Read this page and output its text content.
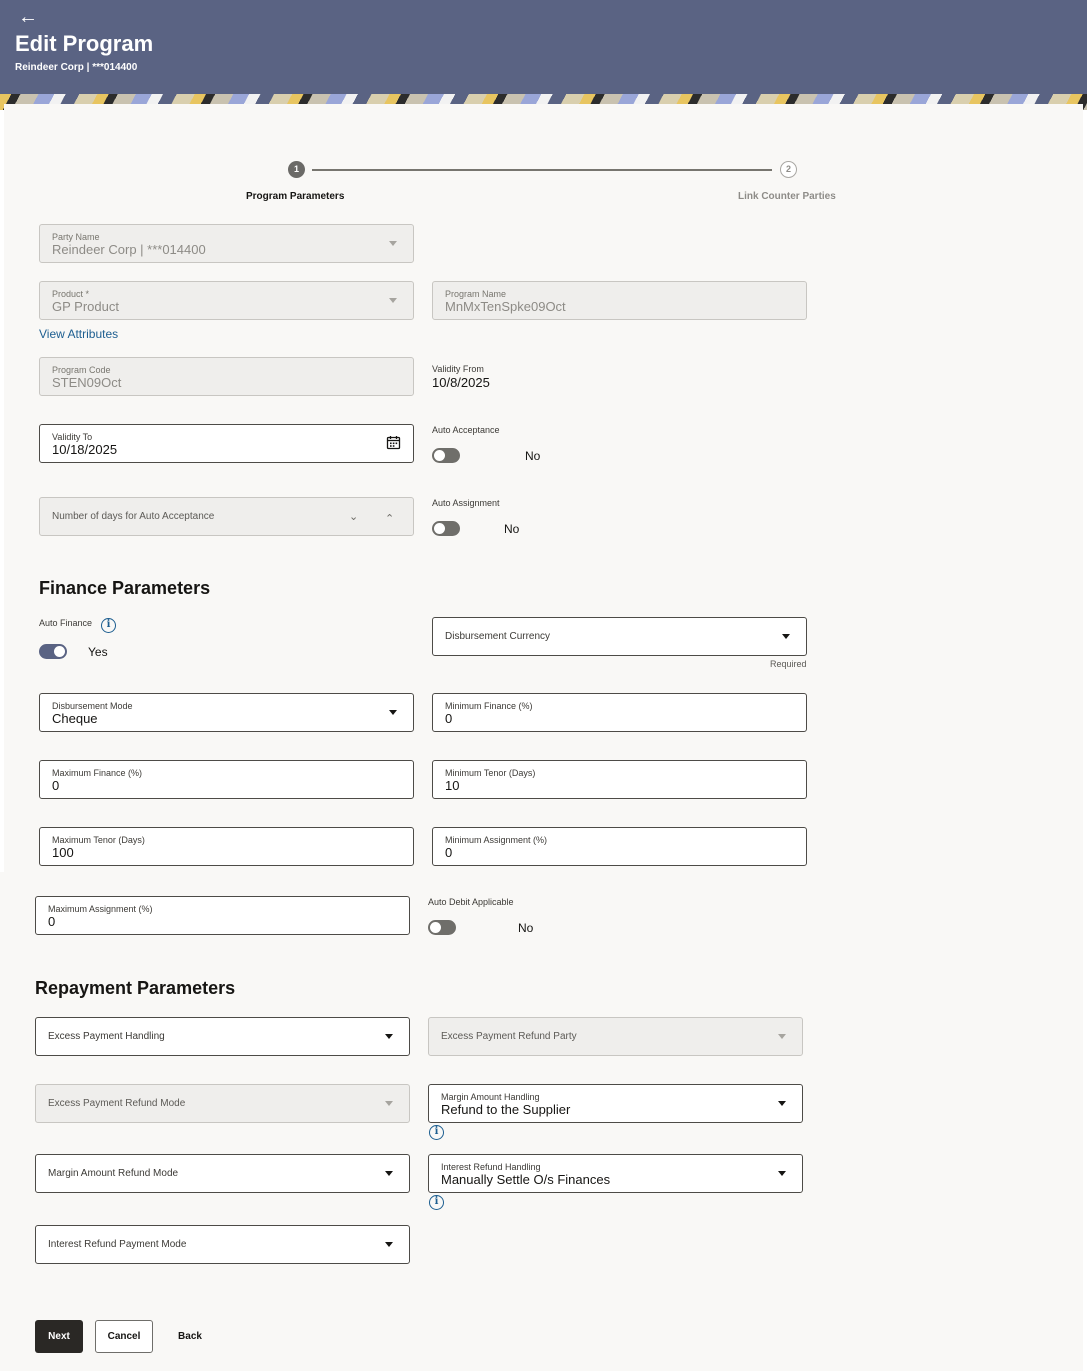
←
Edit Program
Reindeer Corp | ***014400
1	2
Program Parameters	Link Counter Parties
Party Name
Reindeer Corp | ***014400
Product *
GP Product
Program Name
MnMxTenSpke09Oct
View Attributes
Program Code
STEN09Oct
Validity From
10/8/2025
Validity To
10/18/2025
Auto Acceptance
No
Number of days for Auto Acceptance	⌄ ⌃
Auto Assignment
No
Finance Parameters
Auto Finance	i
Yes
Disbursement Currency
Required
Disbursement Mode
Cheque
Minimum Finance (%)
0
Maximum Finance (%)
0
Minimum Tenor (Days)
10
Maximum Tenor (Days)
100
Minimum Assignment (%)
0
Maximum Assignment (%)
0
Auto Debit Applicable
No
Repayment Parameters
Excess Payment Handling	Excess Payment Refund Party
Excess Payment Refund Mode
Margin Amount Handling
Refund to the Supplier
i
Margin Amount Refund Mode
Interest Refund Handling
Manually Settle O/s Finances
i
Interest Refund Payment Mode
Next	Cancel	Back
